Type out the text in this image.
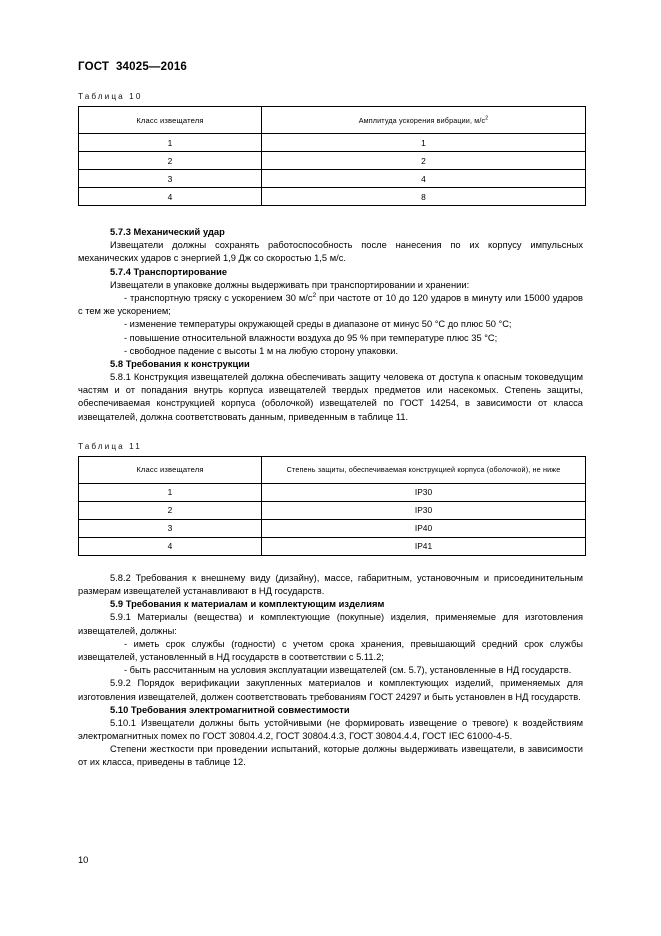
ГОСТ  34025—2016
Таблица 10
Класс извещателя	Амплитуда ускорения вибрации, $м/с^2$
1	1
2	2
3	4
4	8
5.7.3 Механический удар

Извещатели должны сохранять работоспособность после нанесения по их корпусу импульсных механических ударов с энергией 1,9 Дж со скоростью 1,5 м/с.

5.7.4 Транспортирование

Извещатели в упаковке должны выдерживать при транспортировании и хранении:

- транспортную тряску с ускорением 30 $м/с^2$ при частоте от 10 до 120 ударов в минуту или 15000 ударов с тем же ускорением;

- изменение температуры окружающей среды в диапазоне от минус 50 °С до плюс 50 °С;

- повышение относительной влажности воздуха до 95 % при температуре плюс 35 °С;

- свободное падение с высоты 1 м на любую сторону упаковки.

5.8 Требования к конструкции

5.8.1 Конструкция извещателей должна обеспечивать защиту человека от доступа к опасным токоведущим частям и от попадания внутрь корпуса извещателей твердых предметов или насекомых. Степень защиты, обеспечиваемая конструкцией корпуса (оболочкой) извещателей по ГОСТ 14254, в зависимости от класса извещателей, должна соответствовать данным, приведенным в таблице 11.

Таблица 11
Класс извещателя	Степень защиты, обеспечиваемая конструкцией корпуса (оболочкой), не ниже
1	IP30
2	IP30
3	IP40
4	IP41

5.8.2 Требования к внешнему виду (дизайну), массе, габаритным, установочным и присоединительным размерам извещателей устанавливают в НД государств.

5.9 Требования к материалам и комплектующим изделиям

5.9.1 Материалы (вещества) и комплектующие (покупные) изделия, применяемые для изготовления извещателей, должны:

- иметь срок службы (годности) с учетом срока хранения, превышающий средний срок службы извещателей, установленный в НД государств в соответствии с 5.11.2;

- быть рассчитанным на условия эксплуатации извещателей (см. 5.7), установленные в НД государств.

5.9.2 Порядок верификации закупленных материалов и комплектующих изделий, применяемых для изготовления извещателей, должен соответствовать требованиям ГОСТ 24297 и быть установлен в НД государств.

5.10 Требования электромагнитной совместимости

5.10.1 Извещатели должны быть устойчивыми (не формировать извещение о тревоге) к воздействиям электромагнитных помех по ГОСТ 30804.4.2, ГОСТ 30804.4.3, ГОСТ 30804.4.4, ГОСТ IEC 61000-4-5.

Степени жесткости при проведении испытаний, которые должны выдерживать извещатели, в зависимости от их класса, приведены в таблице 12.

10
